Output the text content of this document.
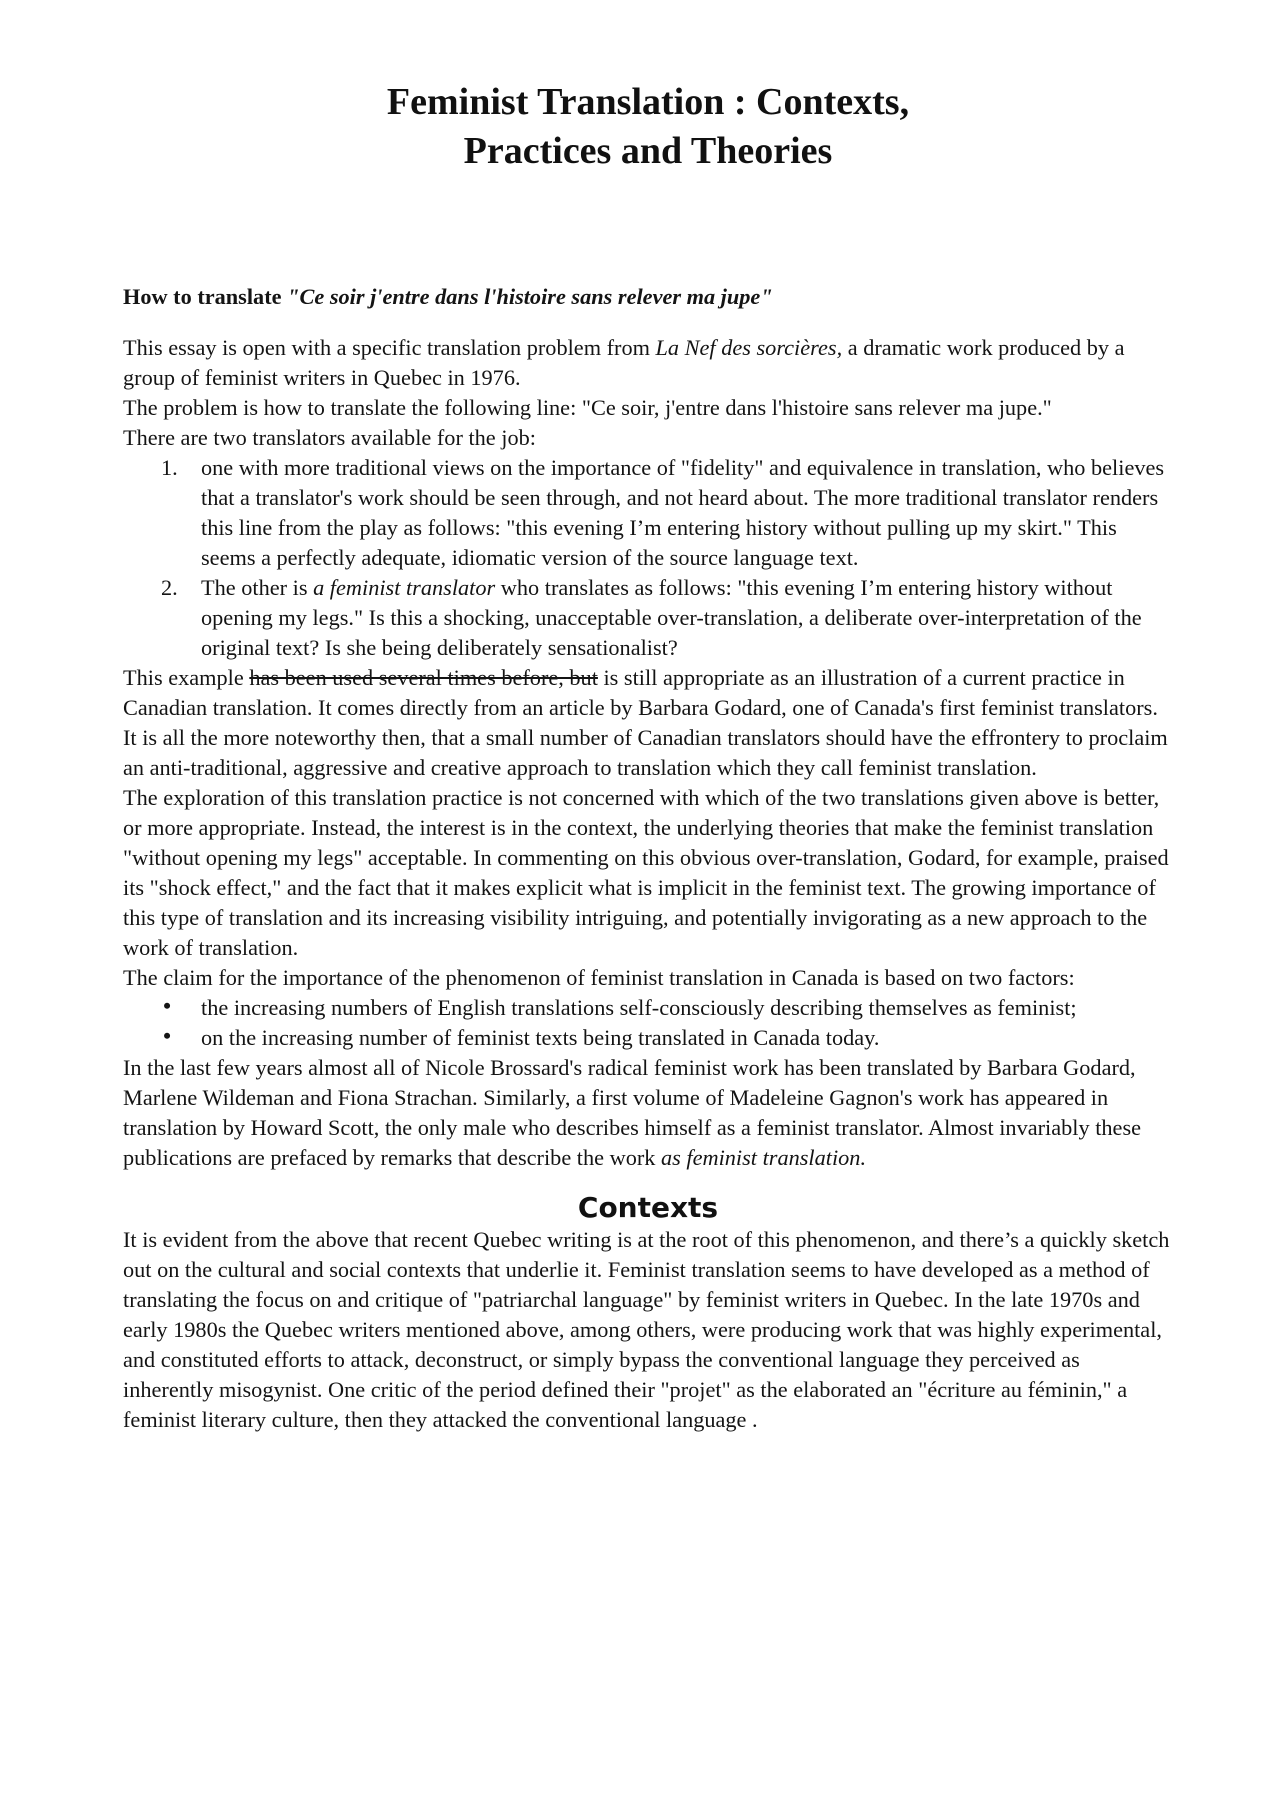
Feminist Translation : Contexts,
Practices and Theories

How to translate "Ce soir j'entre dans l'histoire sans relever ma jupe"

This essay is open with a specific translation problem from La Nef des sorcières, a dramatic work produced by a group of feminist writers in Quebec in 1976.

The problem is how to translate the following line: "Ce soir, j'entre dans l'histoire sans relever ma jupe."

There are two translators available for the job:

1. one with more traditional views on the importance of "fidelity" and equivalence in translation, who believes that a translator's work should be seen through, and not heard about. The more traditional translator renders this line from the play as follows: "this evening I’m entering history without pulling up my skirt." This seems a perfectly adequate, idiomatic version of the source language text.
2. The other is a feminist translator who translates as follows: "this evening I’m entering history without opening my legs." Is this a shocking, unacceptable over-translation, a deliberate over-interpretation of the original text? Is she being deliberately sensationalist?

This example has been used several times before, but is still appropriate as an illustration of a current practice in Canadian translation. It comes directly from an article by Barbara Godard, one of Canada's first feminist translators. It is all the more noteworthy then, that a small number of Canadian translators should have the effrontery to proclaim an anti-traditional, aggressive and creative approach to translation which they call feminist translation.

The exploration of this translation practice is not concerned with which of the two translations given above is better, or more appropriate. Instead, the interest is in the context, the underlying theories that make the feminist translation "without opening my legs" acceptable. In commenting on this obvious over-translation, Godard, for example, praised its "shock effect," and the fact that it makes explicit what is implicit in the feminist text. The growing importance of this type of translation and its increasing visibility intriguing, and potentially invigorating as a new approach to the work of translation.

The claim for the importance of the phenomenon of feminist translation in Canada is based on two factors:

• the increasing numbers of English translations self-consciously describing themselves as feminist;
• on the increasing number of feminist texts being translated in Canada today.

In the last few years almost all of Nicole Brossard's radical feminist work has been translated by Barbara Godard, Marlene Wildeman and Fiona Strachan. Similarly, a first volume of Madeleine Gagnon's work has appeared in translation by Howard Scott, the only male who describes himself as a feminist translator. Almost invariably these publications are prefaced by remarks that describe the work as feminist translation.

Contexts

It is evident from the above that recent Quebec writing is at the root of this phenomenon, and there’s a quickly sketch out on the cultural and social contexts that underlie it. Feminist translation seems to have developed as a method of translating the focus on and critique of "patriarchal language" by feminist writers in Quebec. In the late 1970s and early 1980s the Quebec writers mentioned above, among others, were producing work that was highly experimental, and constituted efforts to attack, deconstruct, or simply bypass the conventional language they perceived as inherently misogynist. One critic of the period defined their "projet" as the elaborated an "écriture au féminin," a feminist literary culture, then they attacked the conventional language .
